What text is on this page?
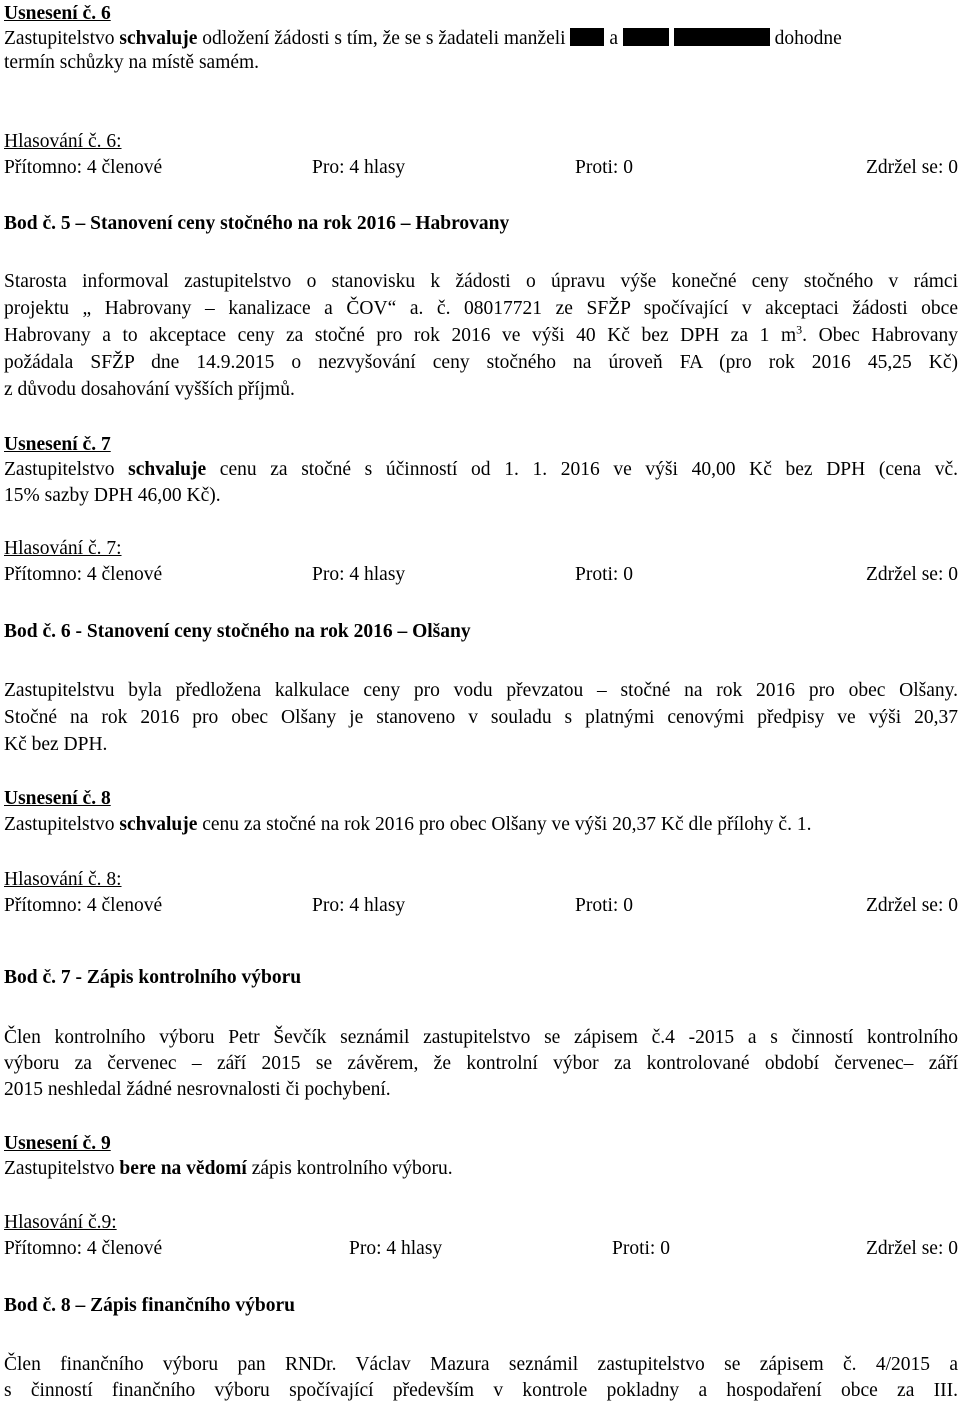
Usnesení č. 6
Zastupitelstvo schvaluje odložení žádosti s tím, že se s žadateli manželi  a	dohodne
termín schůzky na místě samém.
Hlasování č. 6:
Přítomno: 4 členové	Pro: 4 hlasy	Proti: 0	Zdržel se: 0
Bod č. 5 – Stanovení ceny stočného na rok 2016 – Habrovany
Starosta informoval zastupitelstvo o stanovisku k žádosti o úpravu výše konečné ceny stočného v rámci
projektu „ Habrovany – kanalizace a ČOV“ a. č. 08017721 ze SFŽP spočívající v akceptaci žádosti obce
Habrovany a to akceptace ceny za stočné pro rok 2016 ve výši 40 Kč bez DPH za 1 $m^3$. Obec Habrovany
požádala SFŽP dne 14.9.2015 o nezvyšování ceny stočného na úroveň FA (pro rok 2016 45,25 Kč)
z důvodu dosahování vyšších příjmů.
Usnesení č. 7
Zastupitelstvo schvaluje cenu za stočné s účinností od 1. 1. 2016 ve výši 40,00 Kč bez DPH (cena vč.
15% sazby DPH 46,00 Kč).
Hlasování č. 7:
Přítomno: 4 členové	Pro: 4 hlasy	Proti: 0	Zdržel se: 0
Bod č. 6 - Stanovení ceny stočného na rok 2016 – Olšany
Zastupitelstvu byla předložena kalkulace ceny pro vodu převzatou – stočné na rok 2016 pro obec Olšany.
Stočné na rok 2016 pro obec Olšany je stanoveno v souladu s platnými cenovými předpisy ve výši 20,37
Kč bez DPH.
Usnesení č. 8
Zastupitelstvo schvaluje cenu za stočné na rok 2016 pro obec Olšany ve výši 20,37 Kč dle přílohy č. 1.
Hlasování č. 8:
Přítomno: 4 členové	Pro: 4 hlasy	Proti: 0	Zdržel se: 0
Bod č. 7 - Zápis kontrolního výboru
Člen kontrolního výboru Petr Ševčík seznámil zastupitelstvo se zápisem č.4 -2015 a s činností kontrolního
výboru za červenec – září 2015 se závěrem, že kontrolní výbor za kontrolované období červenec– září
2015 neshledal žádné nesrovnalosti či pochybení.
Usnesení č. 9
Zastupitelstvo bere na vědomí zápis kontrolního výboru.
Hlasování č.9:
Přítomno: 4 členové	Pro: 4 hlasy	Proti: 0	Zdržel se: 0
Bod č. 8 – Zápis finančního výboru
Člen finančního výboru pan RNDr. Václav Mazura seznámil zastupitelstvo se zápisem č. 4/2015 a
s činností finančního výboru spočívající především v kontrole pokladny a hospodaření obce za III.
